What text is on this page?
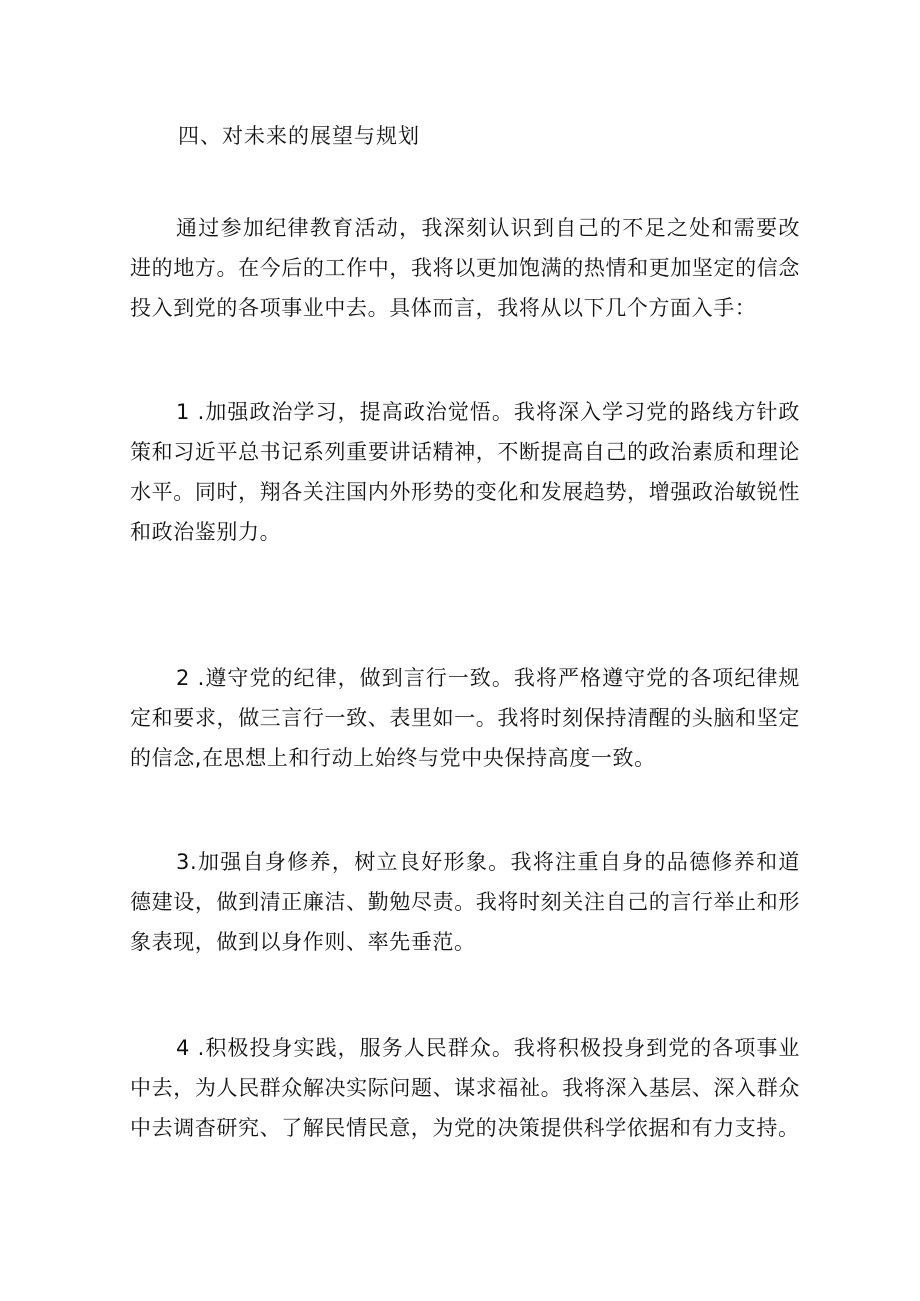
四、对未来的展望与规划

通过参加纪律教育活动，我深刻认识到自己的不足之处和需要改进的地方。在今后的工作中，我将以更加饱满的热情和更加坚定的信念投入到党的各项事业中去。具体而言，我将从以下几个方面入手：

1 .加强政治学习，提高政治觉悟。我将深入学习党的路线方针政策和习近平总书记系列重要讲话精神，不断提高自己的政治素质和理论水平。同时，翔各关注国内外形势的变化和发展趋势，增强政治敏锐性和政治鉴别力。

2 .遵守党的纪律，做到言行一致。我将严格遵守党的各项纪律规定和要求，做三言行一致、表里如一。我将时刻保持清醒的头脑和坚定的信念,在思想上和行动上始终与党中央保持高度一致。

3.加强自身修养，树立良好形象。我将注重自身的品德修养和道德建设，做到清正廉洁、勤勉尽责。我将时刻关注自己的言行举止和形象表现，做到以身作则、率先垂范。

4 .积极投身实践，服务人民群众。我将积极投身到党的各项事业中去，为人民群众解决实际问题、谋求福祉。我将深入基层、深入群众中去调杳研究、了解民情民意，为党的决策提供科学依据和有力支持。
